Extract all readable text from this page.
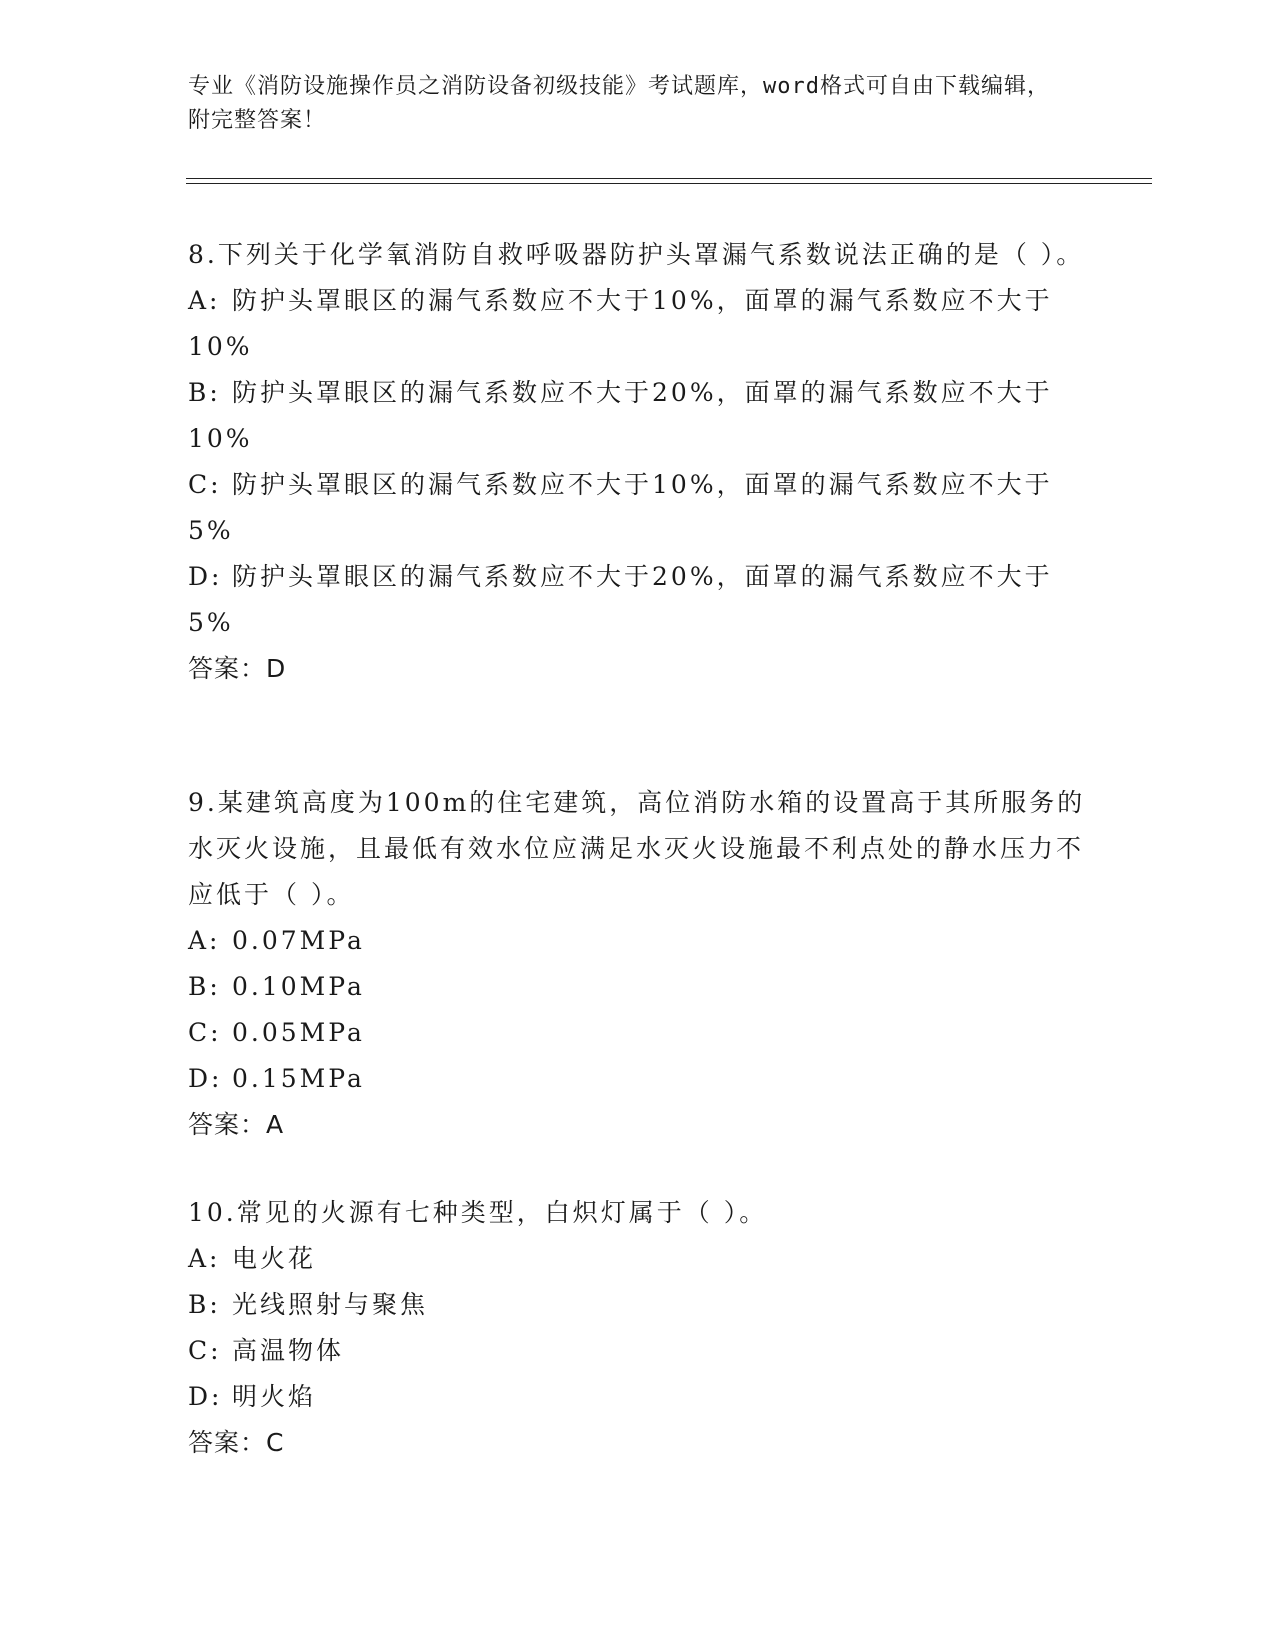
专业《消防设施操作员之消防设备初级技能》考试题库，word格式可自由下载编辑，附完整答案！

8.下列关于化学氧消防自救呼吸器防护头罩漏气系数说法正确的是（ ）。

A: 防护头罩眼区的漏气系数应不大于10%，面罩的漏气系数应不大于10%

B: 防护头罩眼区的漏气系数应不大于20%，面罩的漏气系数应不大于10%

C: 防护头罩眼区的漏气系数应不大于10%，面罩的漏气系数应不大于5%

D: 防护头罩眼区的漏气系数应不大于20%，面罩的漏气系数应不大于5%

答案：D

9.某建筑高度为100m的住宅建筑，高位消防水箱的设置高于其所服务的水灭火设施，且最低有效水位应满足水灭火设施最不利点处的静水压力不应低于（ ）。

A: 0.07MPa

B: 0.10MPa

C: 0.05MPa

D: 0.15MPa

答案：A

10.常见的火源有七种类型，白炽灯属于（ ）。

A: 电火花

B: 光线照射与聚焦

C: 高温物体

D: 明火焰

答案：C
